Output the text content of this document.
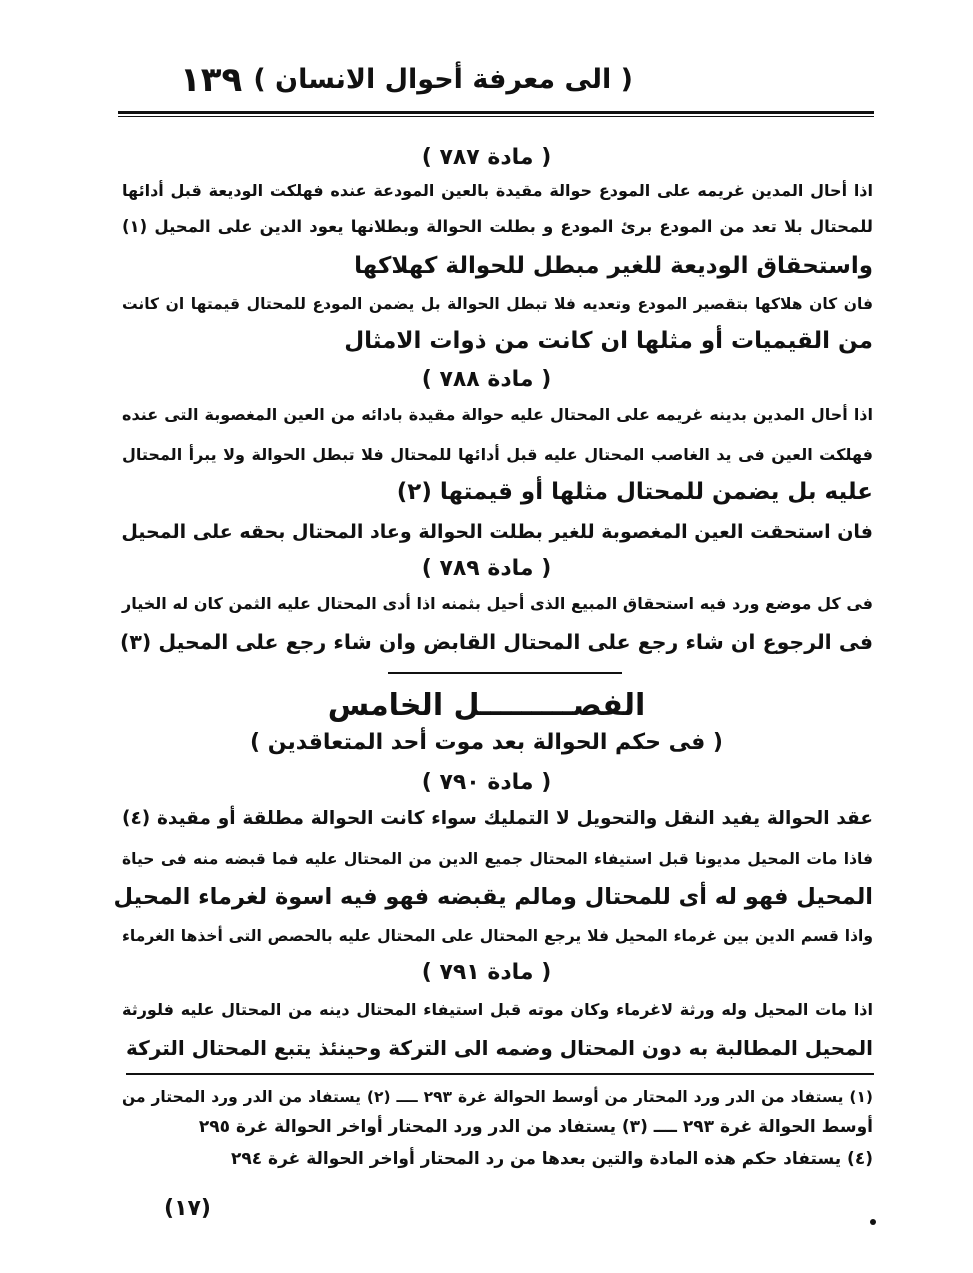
( الى معرفة أحوال الانسان )
١٣٩
( مادة ٧٨٧ )
اذا أحال المدين غريمه على المودع حوالة مقيدة بالعين المودعة عنده فهلكت الوديعة قبل أدائها
للمحتال بلا تعد من المودع برئ المودع و بطلت الحوالة وبطلانها يعود الدين على المحيل (١)
واستحقاق الوديعة للغير مبطل للحوالة كهلاكها
فان كان هلاكها بتقصير المودع وتعديه فلا تبطل الحوالة بل يضمن المودع للمحتال قيمتها ان كانت
من القيميات أو مثلها ان كانت من ذوات الامثال
( مادة ٧٨٨ )
اذا أحال المدين بدينه غريمه على المحتال عليه حوالة مقيدة بادائه من العين المغصوبة التى عنده
فهلكت العين فى يد الغاصب المحتال عليه قبل أدائها للمحتال فلا تبطل الحوالة ولا يبرأ المحتال
عليه بل يضمن للمحتال مثلها أو قيمتها (٢)
فان استحقت العين المغصوبة للغير بطلت الحوالة وعاد المحتال بحقه على المحيل
( مادة ٧٨٩ )
فى كل موضع ورد فيه استحقاق المبيع الذى أحيل بثمنه اذا أدى المحتال عليه الثمن كان له الخيار
فى الرجوع ان شاء رجع على المحتال القابض وان شاء رجع على المحيل (٣)
الفصـــــــــل الخامس
( فى حكم الحوالة بعد موت أحد المتعاقدين )
( مادة ٧٩٠ )
عقد الحوالة يفيد النقل والتحويل لا التمليك سواء كانت الحوالة مطلقة أو مقيدة (٤)
فاذا مات المحيل مديونا قبل استيفاء المحتال جميع الدين من المحتال عليه فما قبضه منه فى حياة
المحيل فهو له أى للمحتال ومالم يقبضه فهو فيه اسوة لغرماء المحيل
واذا قسم الدين بين غرماء المحيل فلا يرجع المحتال على المحتال عليه بالحصص التى أخذها الغرماء
( مادة ٧٩١ )
اذا مات المحيل وله ورثة لاغرماء وكان موته قبل استيفاء المحتال دينه من المحتال عليه فلورثة
المحيل المطالبة به دون المحتال وضمه الى التركة وحينئذ يتبع المحتال التركة
(١) يستفاد من الدر ورد المحتار من أوسط الحوالة غرة ٢٩٣ ــــ (٢) يستفاد من الدر ورد المحتار من
أوسط الحوالة غرة ٢٩٣ ــــ (٣) يستفاد من الدر ورد المحتار أواخر الحوالة غرة ٢٩٥
(٤) يستفاد حكم هذه المادة والتين بعدها من رد المحتار أواخر الحوالة غرة ٢٩٤
(١٧)
